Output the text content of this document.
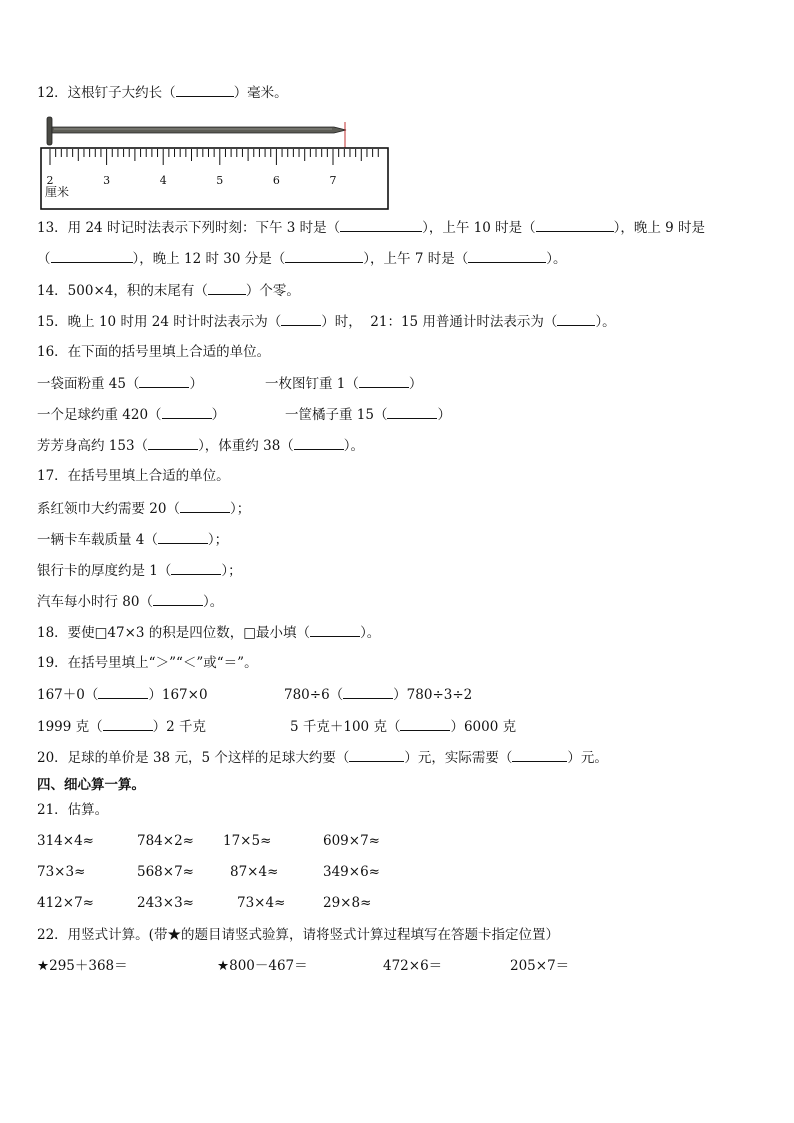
12．这根钉子大约长（	）毫米。
2	3	4	5	6	7
厘米
13．用 24 时记时法表示下列时刻：下午 3 时是（	），上午 10 时是（	），晚上 9 时是
（	），晚上 12 时 30 分是（	），上午 7 时是（	）。
14．500×4，积的末尾有（	）个零。
15．晚上 10 时用 24 时计时法表示为（	）时，  21：15 用普通计时法表示为（	）。
16．在下面的括号里填上合适的单位。
一袋面粉重 45（	）	一枚图钉重 1（	）
一个足球约重 420（	）	一筐橘子重 15（	）
芳芳身高约 153（	），体重约 38（	）。
17．在括号里填上合适的单位。
系红领巾大约需要 20（	）；
一辆卡车载质量 4（	）；
银行卡的厚度约是 1（	）；
汽车每小时行 80（	）。
18．要使□47×3 的积是四位数，□最小填（	）。
19．在括号里填上“＞”“＜”或“＝”。
167＋0（	）167×0	780÷6（	）780÷3÷2
1999 克（	）2 千克	5 千克＋100 克（	）6000 克
20．足球的单价是 38 元，5 个这样的足球大约要（	）元，实际需要（	）元。
四、细心算一算。
21．估算。
314×4≈	784×2≈ 17×5≈	609×7≈
73×3≈	568×7≈	87×4≈	349×6≈
412×7≈	243×3≈	73×4≈	29×8≈
22．用竖式计算。(带★的题目请竖式验算，请将竖式计算过程填写在答题卡指定位置）
★295＋368＝	★800－467＝	472×6＝	205×7＝
